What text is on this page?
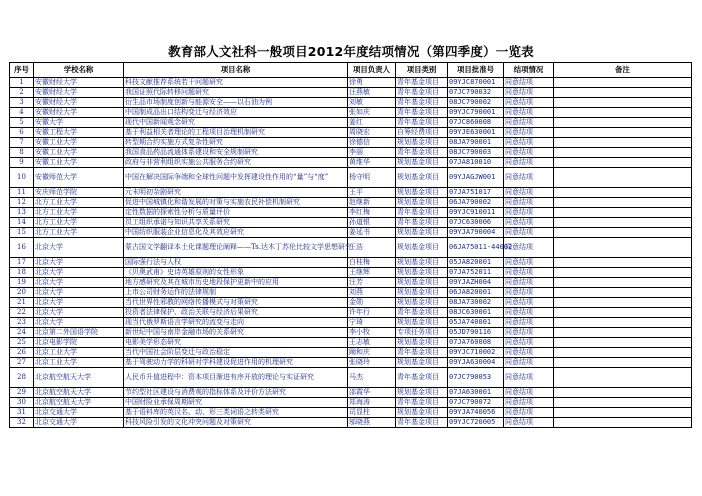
教育部人文社科一般项目2012年度结项情况（第四季度）一览表
序号	学校名称	项目名称	项目负责人	项目类别	项目批准号	结项情况	备注
1	安徽财经大学	科技文献推荐系统若干问题研究	徐勇	青年基金项目	09YJC870001	同意结项	
2	安徽财经大学	我国证照代际转移问题研究	汪燕敏	青年基金项目	07JC790032	同意结项	
3	安徽财经大学	衍生品市场制度创新与能源安全——以石油为例	刘敏	青年基金项目	08JC790002	同意结项	
4	安徽财经大学	中国制成品出口结构变迁与经济效应	张如庆	青年基金项目	09YJC790001	同意结项	
5	安徽大学	现代中国新闻观念研究	姜红	青年基金项目	07JC860008	同意结项	
6	安徽工程大学	基于利益相关者理论的工程项目治理机制研究	周晓宏	自筹经费项目	09YJE630001	同意结项	
7	安徽工业大学	转型期合约实施方式复杂性研究	徐德信	规划基金项目	08JA790001	同意结项	
8	安徽工业大学	我国食品药品流通体系建设和安全规制研究	李丽	青年基金项目	08JC790003	同意结项	
9	安徽工业大学	政府与非营利组织实施公共服务合约研究	黄维华	规划基金项目	07JA810010	同意结项	
10	安徽师范大学	中国在解决国际争端和全球性问题中发挥建设性作用的“量”与“度”	杨守明	规划基金项目	09YJAGJW001	同意结项	
11	安庆师范学院	元末明初杂剧研究	王平	规划基金项目	07JA751017	同意结项	
12	北方工业大学	促进中国城镇化和谐发展的对策与实施农民补偿机制研究	赵继新	规划基金项目	06JA790002	同意结项	
13	北方工业大学	定性数据的探索性分析与质量评价	李红梅	青年基金项目	09YJC910011	同意结项	
14	北方工业大学	员工组织承诺与知识共享关系研究	孙道银	青年基金项目	07JC630006	同意结项	
15	北方工业大学	中国纺织服装企业信息化及其效应研究	姜延书	规划基金项目	09YJA790004	同意结项	
16	北京大学	蒙古国文学翻译本土化课题理论阐释——Ts.达木丁苏伦比较文学思想研究	王浩	规划基金项目	06JA75011-44002	同意结项	
17	北京大学	国际强行法与人权	白桂梅	规划基金项目	05JA820001	同意结项	
18	北京大学	《贝奥武甫》史诗英雄原则的女性形象	王继辉	规划基金项目	07JA752011	同意结项	
19	北京大学	地方感研究及其在城市历史地段保护更新中的应用	汪芳	规划基金项目	09YJAZH004	同意结项	
20	北京大学	上市公司财务运作的法律规制	刘燕	规划基金项目	06JA820001	同意结项	
21	北京大学	当代世界性邪教的网络传播模式与对策研究	金勋	规划基金项目	08JA730002	同意结项	
22	北京大学	投资者法律保护、政治关联与经济后果研究	许年行	青年基金项目	08JC630001	同意结项	
23	北京大学	现当代俄罗斯语言学研究的流变与走向	宁琦	规划基金项目	05JA740001	同意结项	
24	北京第二外国语学院	新世纪中国与南岸金融市场的关系研究	李小牧	专项任务项目	05JD790116	同意结项	
25	北京电影学院	电影美学形态研究	王志敏	规划基金项目	07JA760008	同意结项	
26	北京工业大学	当代中国社会阶层变迁与政治稳定	阚和庆	青年基金项目	09YJC710002	同意结项	
27	北京工业大学	基于驾驶动力学的科研对学科建设促进作用的机理研究	张晓玲	规划基金项目	09YJA630004	同意结项	
28	北京航空航天大学	人民币升值进程中：资本项目渐进有序开放的理论与实证研究	马杰	青年基金项目	07JC790053	同意结项	
29	北京航空航天大学	节约型社区建设与消费观的指标体系及评价方法研究	邵霞华	规划基金项目	07JA630001	同意结项	
30	北京航空航天大学	中国财险业承保周期研究	郑海涛	青年基金项目	07JC790072	同意结项	
31	北京交通大学	基于语料库的英汉名、动、形三类词语之转类研究	司显柱	规划基金项目	09YJA740056	同意结项	
32	北京交通大学	科技风险引发的文化冲突问题及对策研究	邬晓燕	青年基金项目	09YJC720005	同意结项	
